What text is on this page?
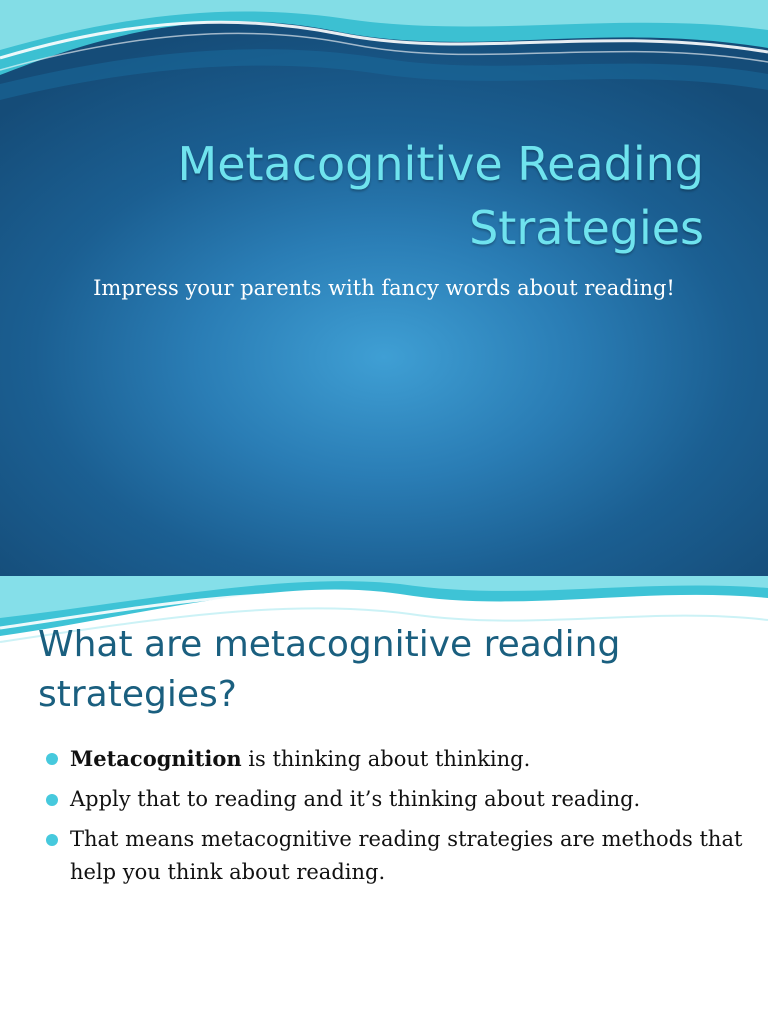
Metacognitive Reading
Strategies

Impress your parents with fancy words about reading!

What are metacognitive reading strategies?
Metacognition is thinking about thinking.
Apply that to reading and it’s thinking about reading.
That means metacognitive reading strategies are methods that help you think about reading.
